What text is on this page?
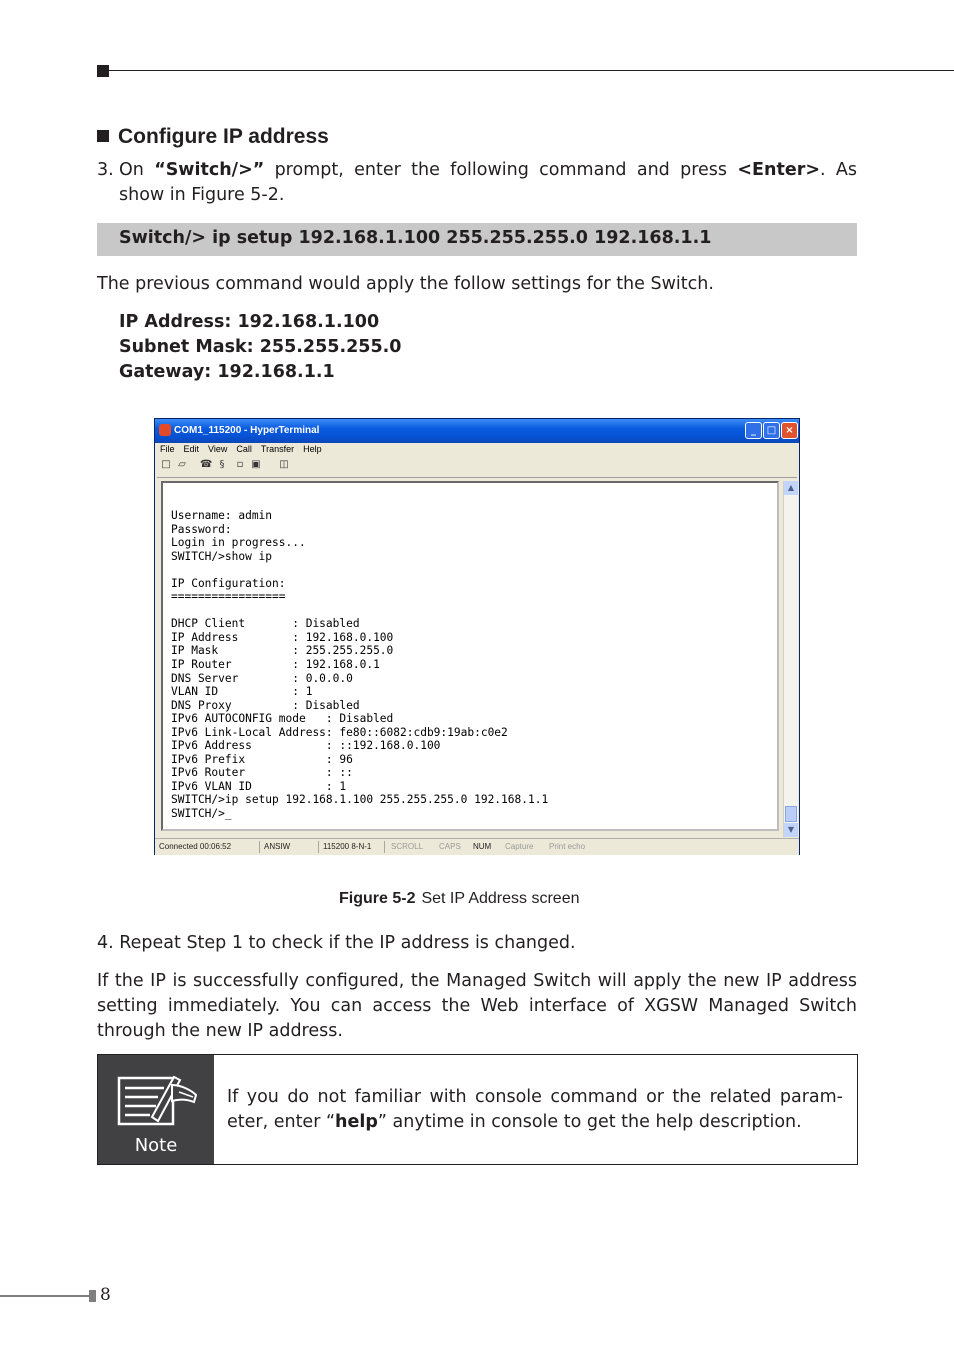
Configure IP address
3. On “Switch/>” prompt, enter the following command and press <Enter>. As show in Figure 5-2.
Switch/> ip setup 192.168.1.100 255.255.255.0 192.168.1.1
The previous command would apply the follow settings for the Switch.
IP Address: 192.168.1.100
Subnet Mask: 255.255.255.0
Gateway: 192.168.1.1
COM1_115200 - HyperTerminal	_	□ ×
File Edit View Call Transfer Help
□ ▱ ☎ §	▫ ▣ ◫
Username: admin
Password:
Login in progress...
SWITCH/>show ip

IP Configuration:
=================

DHCP Client       : Disabled
IP Address        : 192.168.0.100
IP Mask           : 255.255.255.0
IP Router         : 192.168.0.1
DNS Server        : 0.0.0.0
VLAN ID           : 1
DNS Proxy         : Disabled
IPv6 AUTOCONFIG mode   : Disabled
IPv6 Link-Local Address: fe80::6082:cdb9:19ab:c0e2
IPv6 Address           : ::192.168.0.100
IPv6 Prefix            : 96
IPv6 Router            : ::
IPv6 VLAN ID           : 1
SWITCH/>ip setup 192.168.1.100 255.255.255.0 192.168.1.1
SWITCH/>_
▲
▼
Connected 00:06:52	ANSIW	115200 8-N-1 SCROLL CAPS NUM Capture Print echo
Figure 5-2 Set IP Address screen
4. Repeat Step 1 to check if the IP address is changed.
If the IP is successfully configured, the Managed Switch will apply the new IP address setting immediately. You can access the Web interface of XGSW Managed Switch through the new IP address.
Note
If you do not familiar with console command or the related param-eter, enter “help” anytime in console to get the help description.
8
